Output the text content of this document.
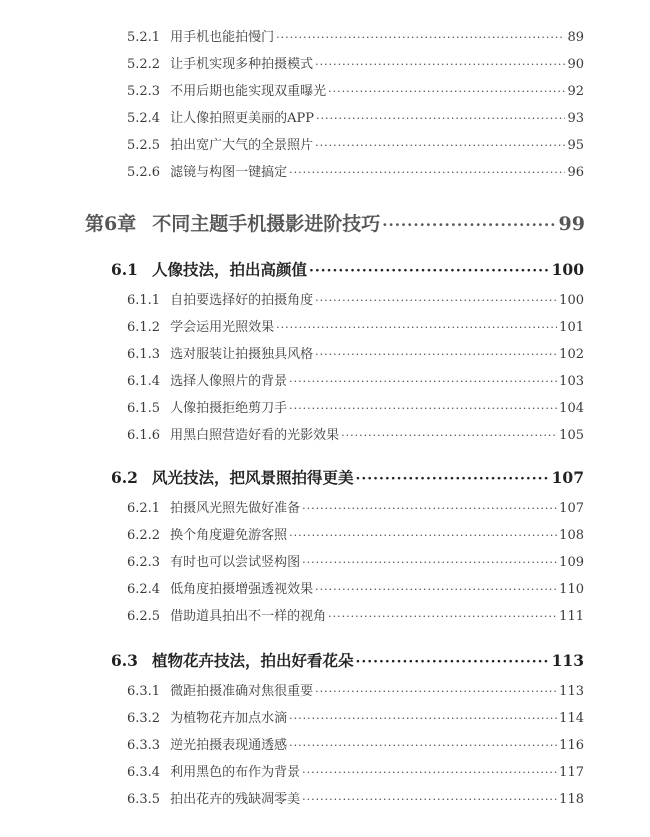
5.2.1 用手机也能拍慢门 ·····	89
5.2.2 让手机实现多种拍摄模式 ·····	90
5.2.3 不用后期也能实现双重曝光 ·····	92
5.2.4 让人像拍照更美丽的APP ·····	93
5.2.5 拍出宽广大气的全景照片 ·····	95
5.2.6 滤镜与构图一键搞定 ·····	96
第6章 不同主题手机摄影进阶技巧 ·····	99
6.1 人像技法，拍出高颜值 ·····	100
6.1.1 自拍要选择好的拍摄角度 ·····	100
6.1.2 学会运用光照效果 ·····	101
6.1.3 选对服装让拍摄独具风格 ·····	102
6.1.4 选择人像照片的背景 ·····	103
6.1.5 人像拍摄拒绝剪刀手 ·····	104
6.1.6 用黑白照营造好看的光影效果 ·····	105
6.2 风光技法，把风景照拍得更美 ·····	107
6.2.1 拍摄风光照先做好准备 ·····	107
6.2.2 换个角度避免游客照 ·····	108
6.2.3 有时也可以尝试竖构图 ·····	109
6.2.4 低角度拍摄增强透视效果 ·····	110
6.2.5 借助道具拍出不一样的视角 ·····	111
6.3 植物花卉技法，拍出好看花朵 ·····	113
6.3.1 微距拍摄准确对焦很重要 ·····	113
6.3.2 为植物花卉加点水滴 ·····	114
6.3.3 逆光拍摄表现通透感 ·····	116
6.3.4 利用黑色的布作为背景 ·····	117
6.3.5 拍出花卉的残缺凋零美 ·····	118
